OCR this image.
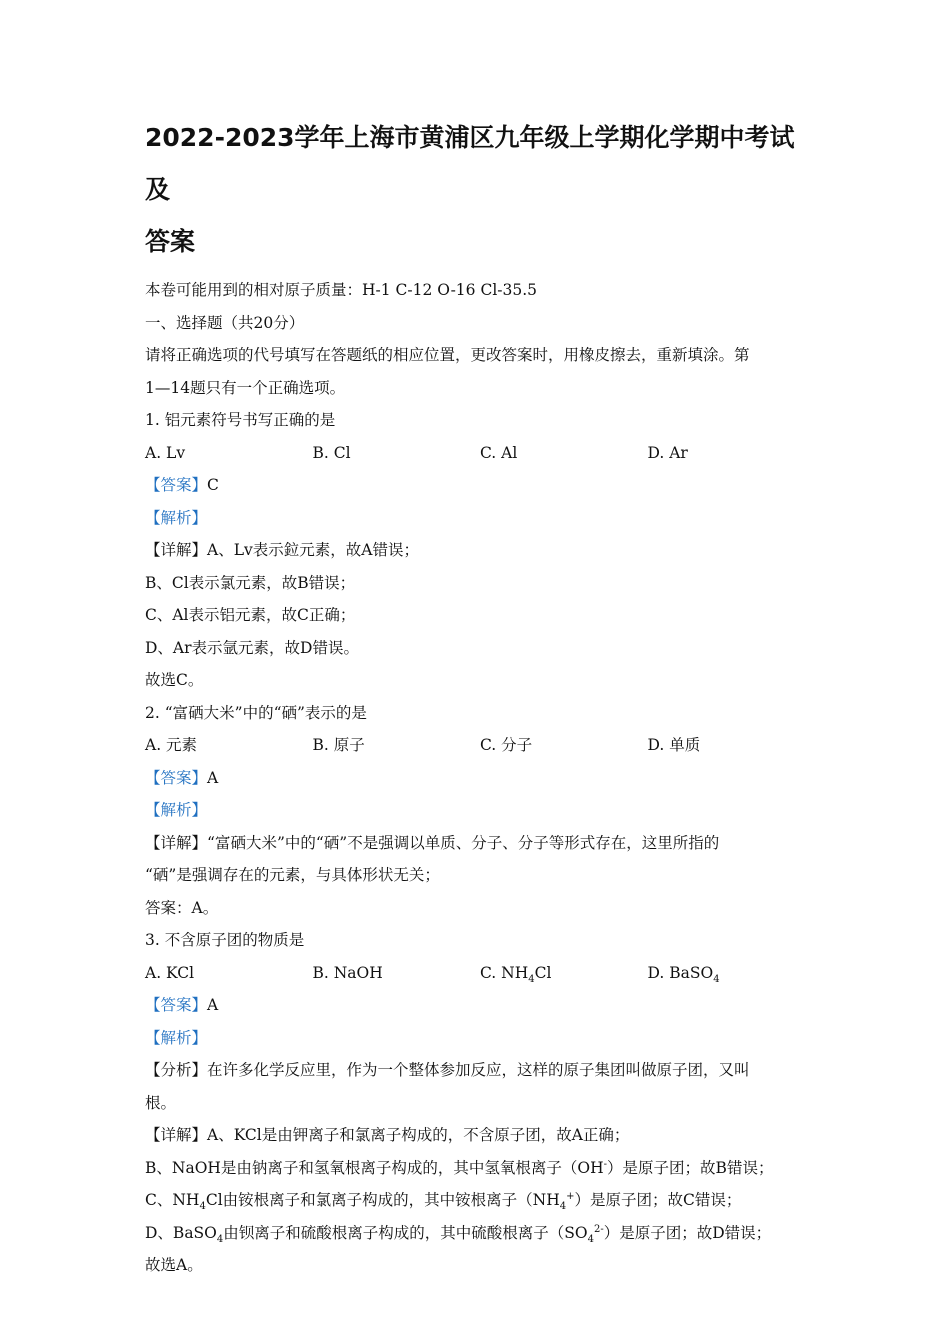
2022-2023学年上海市黄浦区九年级上学期化学期中考试及
答案

本卷可能用到的相对原子质量：H-1 C-12 O-16 Cl-35.5

一、选择题（共20分）

请将正确选项的代号填写在答题纸的相应位置，更改答案时，用橡皮擦去，重新填涂。第

1—14题只有一个正确选项。

1. 铝元素符号书写正确的是

A. Lv	B. Cl	C. Al	D. Ar

【答案】C

【解析】

【详解】A、Lv表示鉝元素，故A错误；

B、Cl表示氯元素，故B错误；

C、Al表示铝元素，故C正确；

D、Ar表示氩元素，故D错误。

故选C。

2. “富硒大米”中的“硒”表示的是

A. 元素	B. 原子	C. 分子	D. 单质

【答案】A

【解析】

【详解】“富硒大米”中的“硒”不是强调以单质、分子、分子等形式存在，这里所指的

“硒”是强调存在的元素，与具体形状无关；

答案：A。

3. 不含原子团的物质是

A. KCl	B. NaOH	C. $NH_4Cl$	D. BaSO$_4$

【答案】A

【解析】

【分析】在许多化学反应里，作为一个整体参加反应，这样的原子集团叫做原子团，又叫

根。

【详解】A、KCl是由钾离子和氯离子构成的，不含原子团，故A正确；

B、NaOH是由钠离子和氢氧根离子构成的，其中氢氧根离子（OH-）是原子团；故B错误；

C、$NH_4Cl$由铵根离子和氯离子构成的，其中铵根离子$(NH_4^+)$是原子团；故C错误；

D、BaSO$_4$由钡离子和硫酸根离子构成的，其中硫酸根离子$(SO_4^{2-})$是原子团；故D错误；

故选A。
